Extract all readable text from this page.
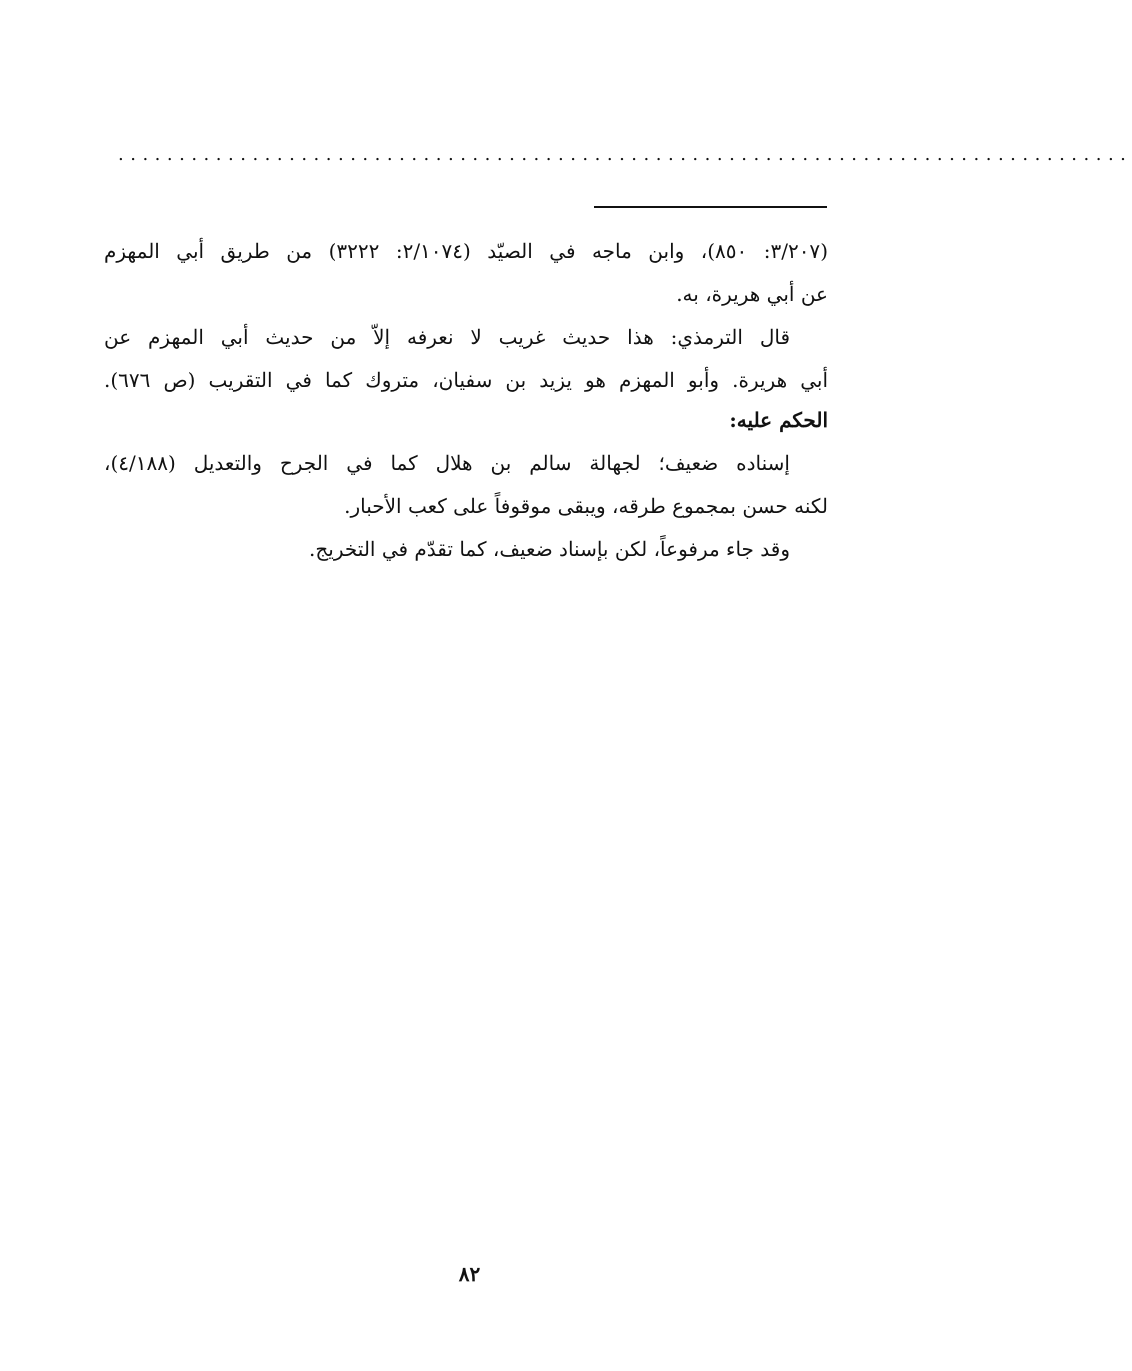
...................................................................................
(٣/٢٠٧: ٨٥٠)، وابن ماجه في الصيّد (٢/١٠٧٤: ٣٢٢٢) من طريق أبي المهزم
عن أبي هريرة، به.
قال الترمذي: هذا حديث غريب لا نعرفه إلاّ من حديث أبي المهزم عن
أبي هريرة. وأبو المهزم هو يزيد بن سفيان، متروك كما في التقريب (ص ٦٧٦).
الحكم عليه:
إسناده ضعيف؛ لجهالة سالم بن هلال كما في الجرح والتعديل (٤/١٨٨)،
لكنه حسن بمجموع طرقه، ويبقى موقوفاً على كعب الأحبار.
وقد جاء مرفوعاً، لكن بإسناد ضعيف، كما تقدّم في التخريج.
٨٢
